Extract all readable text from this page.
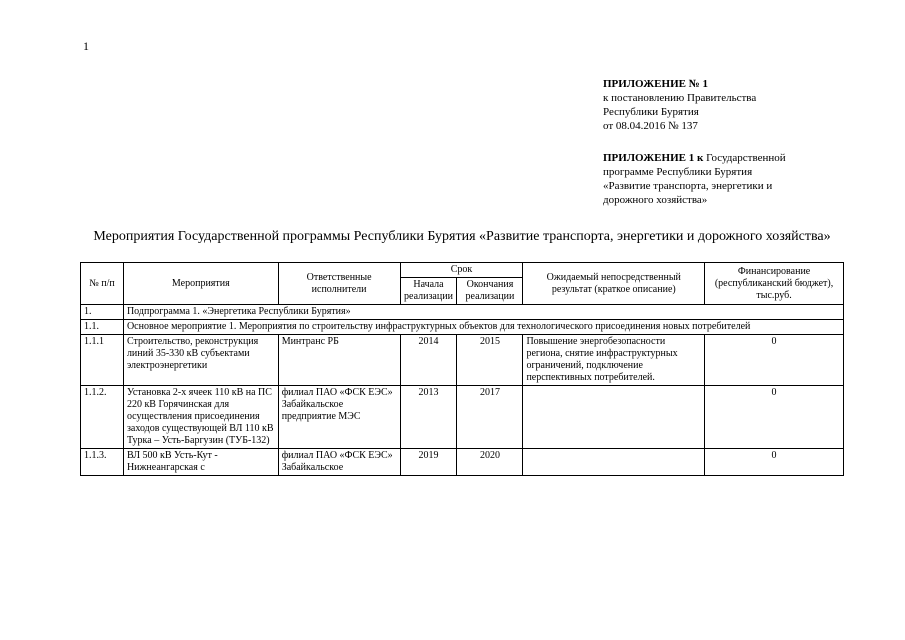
1
ПРИЛОЖЕНИЕ № 1
к постановлению Правительства
Республики Бурятия
от 08.04.2016 № 137
ПРИЛОЖЕНИЕ 1 к Государственной
программе Республики Бурятия
«Развитие транспорта, энергетики и
дорожного хозяйства»
Мероприятия Государственной программы Республики Бурятия «Развитие транспорта, энергетики и дорожного хозяйства»
№ п/п	Мероприятия	Ответственные исполнители	Срок		Ожидаемый непосредственный результат (краткое описание)	Финансирование (республиканский бюджет), тыс.руб.
			Начала реализации	Окончания реализации		
1.	Подпрограмма 1. «Энергетика Республики Бурятия»					
1.1.	Основное мероприятие 1. Мероприятия по строительству инфраструктурных объектов для технологического присоединения новых потребителей					
1.1.1	Строительство, реконструкция линий 35-330 кВ субъектами электроэнергетики	Минтранс РБ	2014	2015	Повышение энергобезопасности региона, снятие инфраструктурных ограничений, подключение перспективных потребителей.	0
1.1.2.	Установка 2-х ячеек 110 кВ на ПС 220 кВ Горячинская для осуществления присоединения заходов существующей ВЛ 110 кВ Турка – Усть-Баргузин (ТУБ-132)	филиал ПАО «ФСК ЕЭС» Забайкальское предприятие МЭС	2013	2017		0
1.1.3.	ВЛ 500 кВ Усть-Кут - Нижнеангарская с	филиал ПАО «ФСК ЕЭС» Забайкальское	2019	2020		0
